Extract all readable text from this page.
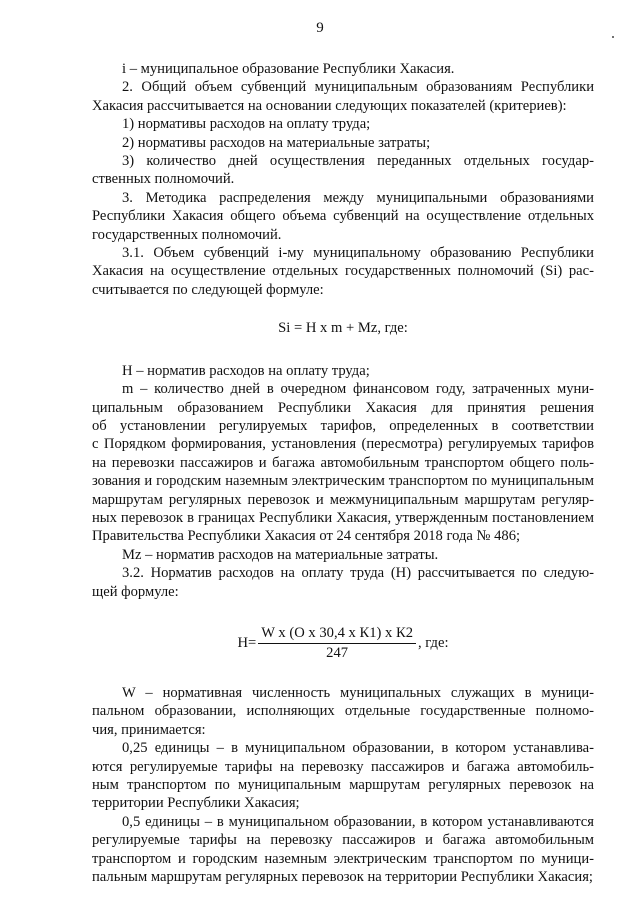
9
i – муниципальное образование Республики Хакасия.
2. Общий объем субвенций муниципальным образованиям Республики
Хакасия рассчитывается на основании следующих показателей (критериев):
1) нормативы расходов на оплату труда;
2) нормативы расходов на материальные затраты;
3) количество дней осуществления переданных отдельных государ-
ственных полномочий.
3. Методика распределения между муниципальными образованиями
Республики Хакасия общего объема субвенций на осуществление отдельных
государственных полномочий.
3.1. Объем субвенций i-му муниципальному образованию Республики
Хакасия на осуществление отдельных государственных полномочий (Si) рас-
считывается по следующей формуле:
Si = Н х m + Mz, где:
Н – норматив расходов на оплату труда;
m – количество дней в очередном финансовом году, затраченных муни-
ципальным образованием Республики Хакасия для принятия решения
об установлении регулируемых тарифов, определенных в соответствии
с Порядком формирования, установления (пересмотра) регулируемых тарифов
на перевозки пассажиров и багажа автомобильным транспортом общего поль-
зования и городским наземным электрическим транспортом по муниципальным
маршрутам регулярных перевозок и межмуниципальным маршрутам регуляр-
ных перевозок в границах Республики Хакасия, утвержденным постановлением
Правительства Республики Хакасия от 24 сентября 2018 года № 486;
Mz – норматив расходов на материальные затраты.
3.2. Норматив расходов на оплату труда (Н) рассчитывается по следую-
щей формуле:
$Н= \frac{\text{W х (О х 30,4 х К1) х К2}}{247}$ , где:
W – нормативная численность муниципальных служащих в муници-
пальном образовании, исполняющих отдельные государственные полномо-
чия, принимается:
0,25 единицы – в муниципальном образовании, в котором устанавлива-
ются регулируемые тарифы на перевозку пассажиров и багажа автомобиль-
ным транспортом по муниципальным маршрутам регулярных перевозок на
территории Республики Хакасия;
0,5 единицы – в муниципальном образовании, в котором устанавливаются
регулируемые тарифы на перевозку пассажиров и багажа автомобильным
транспортом и городским наземным электрическим транспортом по муници-
пальным маршрутам регулярных перевозок на территории Республики Хакасия;
